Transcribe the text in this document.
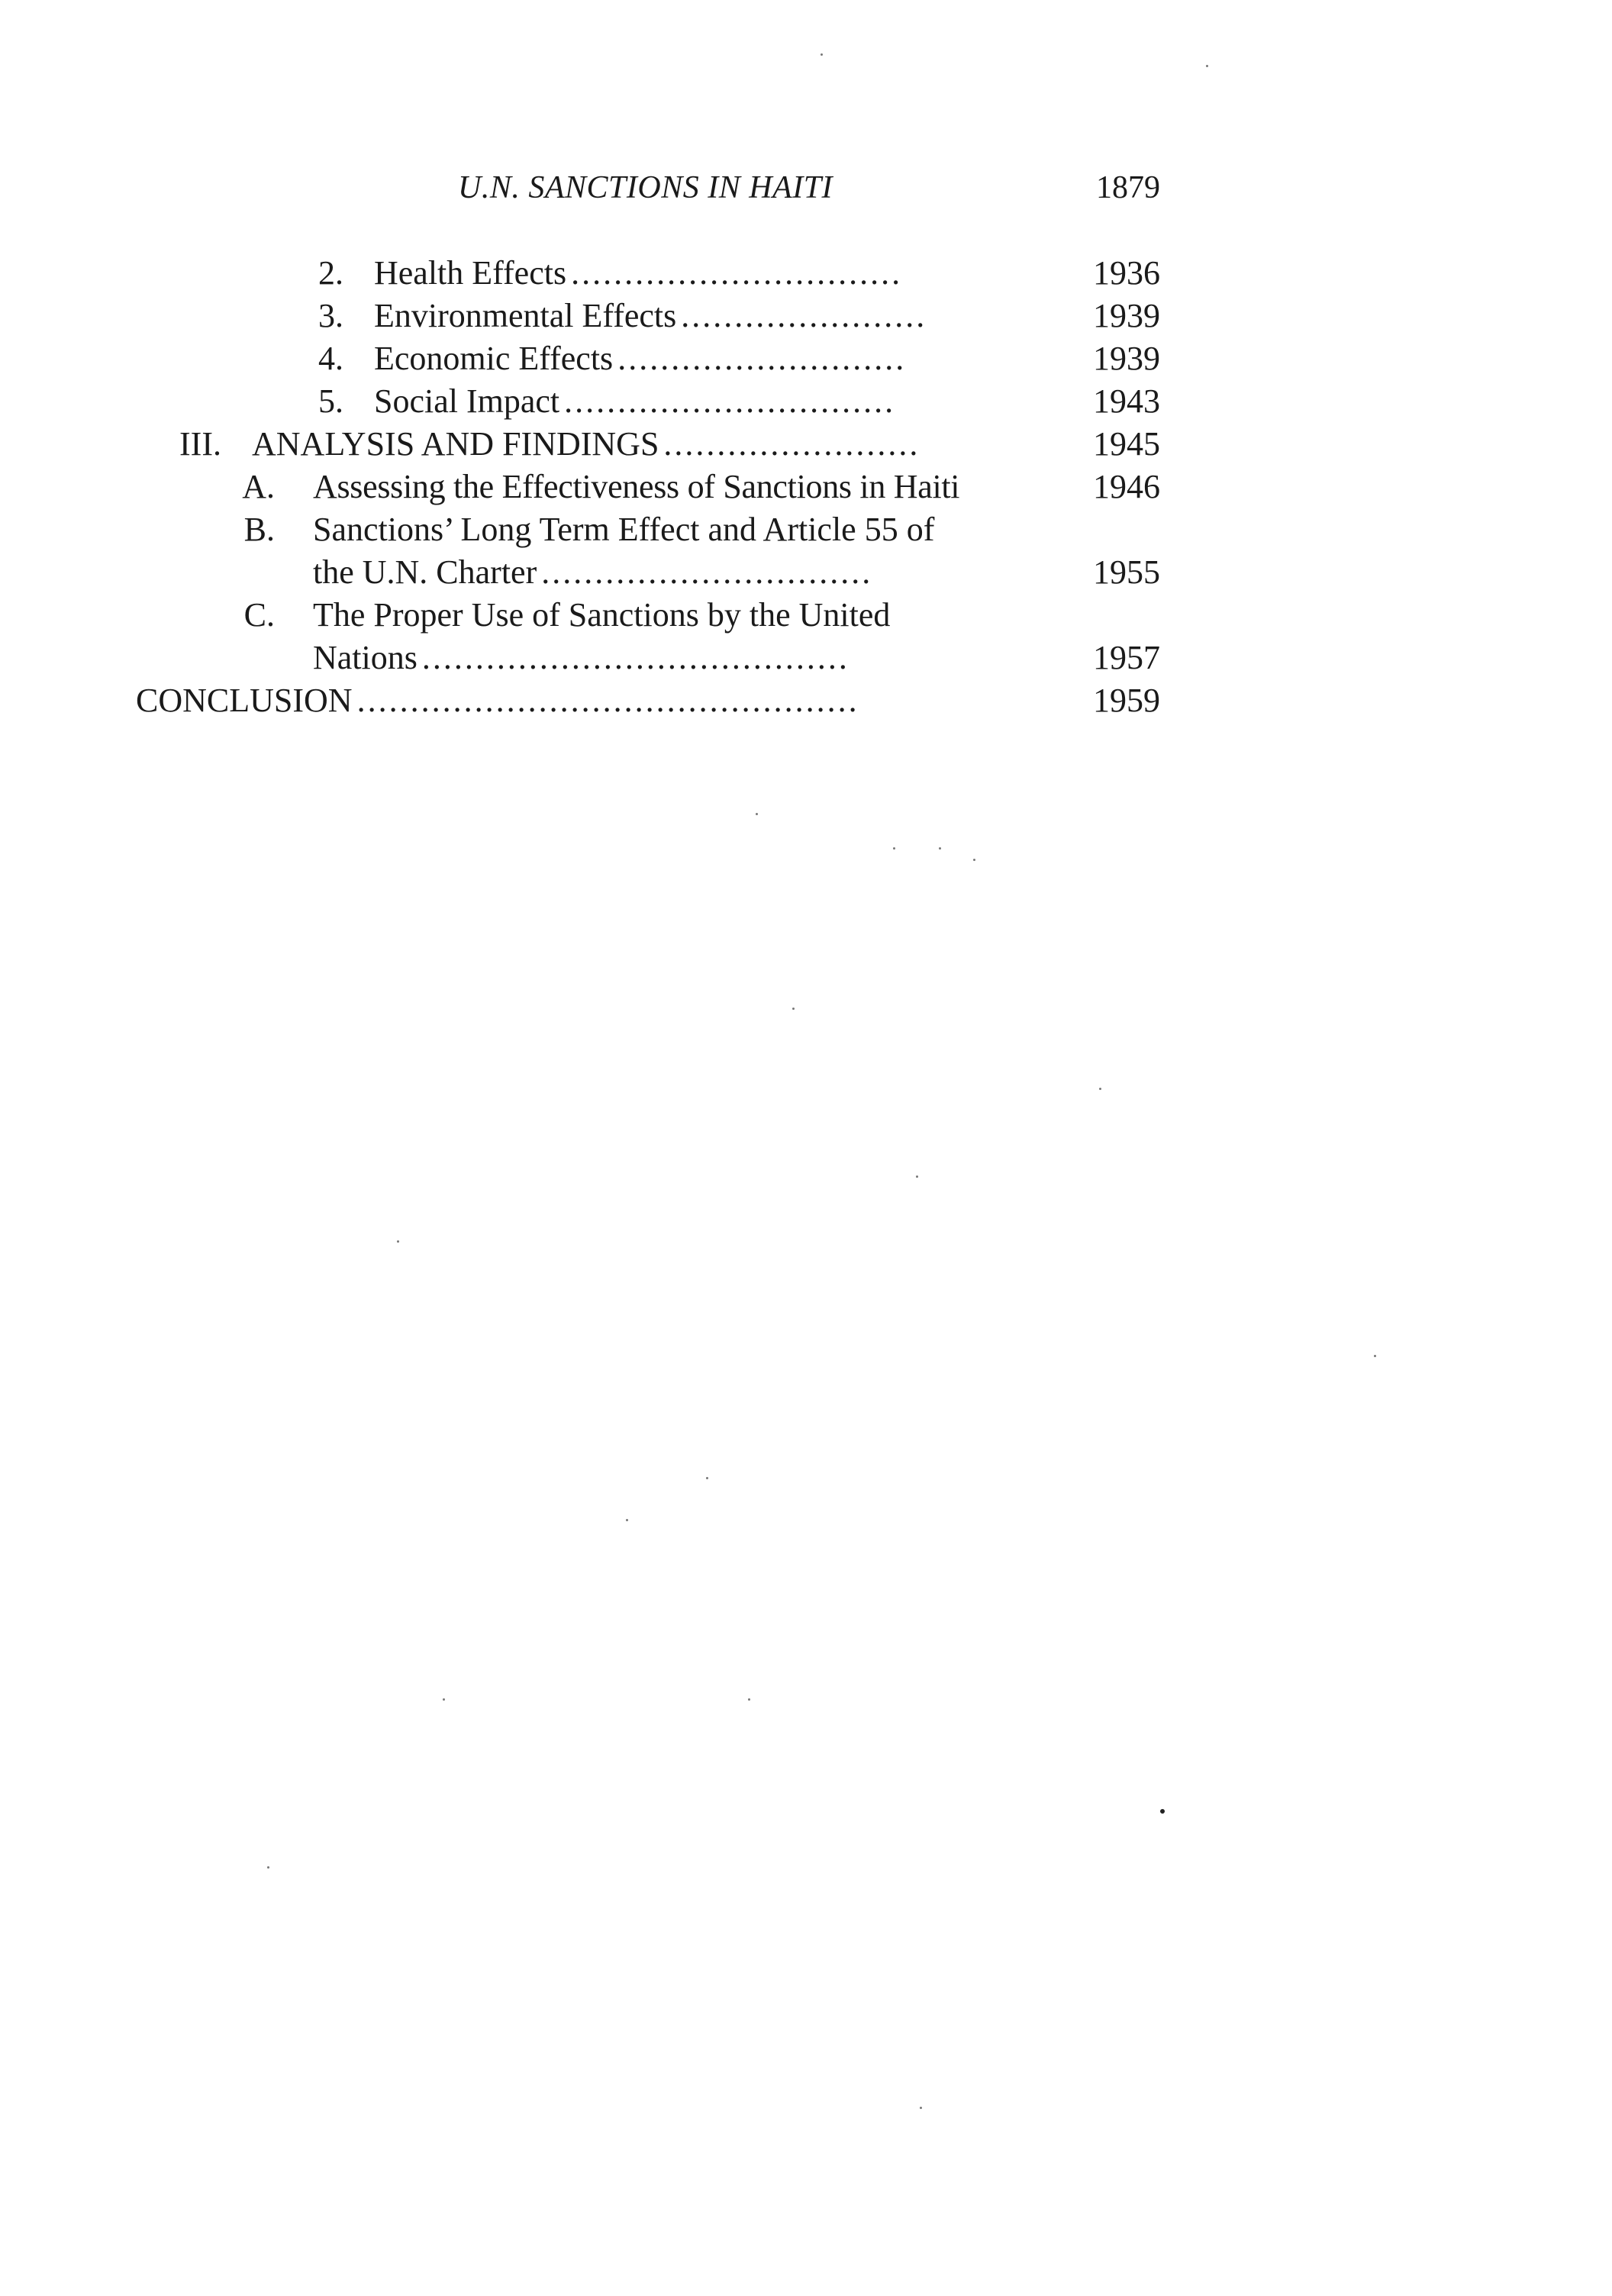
U.N. SANCTIONS IN HAITI	1879
2. Health Effects ...............................	1936
3. Environmental Effects .......................	1939
4. Economic Effects ...........................	1939
5. Social Impact ...............................	1943
III. ANALYSIS AND FINDINGS ........................	1945
A. Assessing the Effectiveness of Sanctions in Haiti	1946
B. Sanctions’ Long Term Effect and Article 55 of
the U.N. Charter ...............................	1955
C. The Proper Use of Sanctions by the United
Nations ........................................	1957
CONCLUSION ...............................................	1959
